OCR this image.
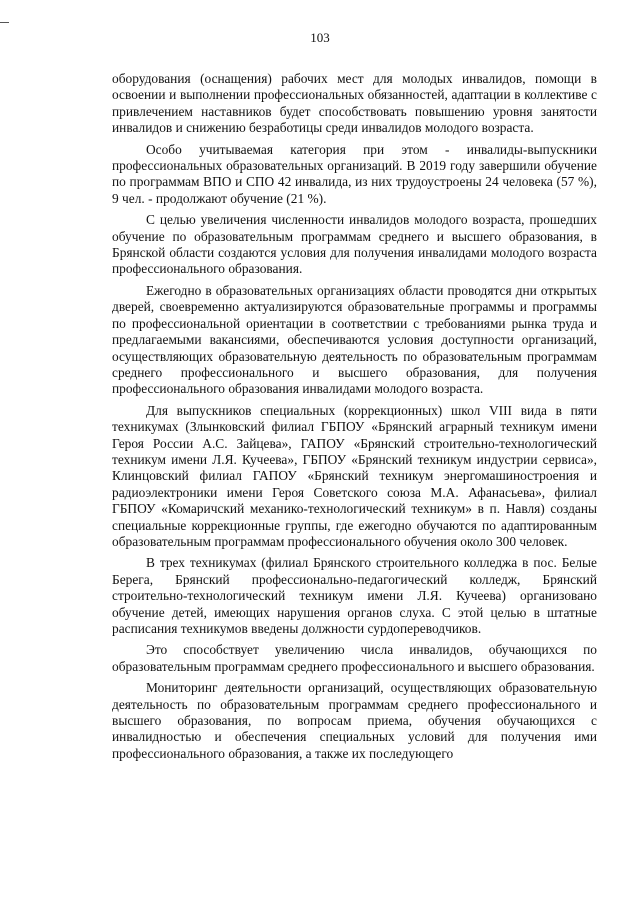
103

оборудования (оснащения) рабочих мест для молодых инвалидов, помощи в освоении и выполнении профессиональных обязанностей, адаптации в коллективе с привлечением наставников будет способствовать повышению уровня занятости инвалидов и снижению безработицы среди инвалидов молодого возраста.

Особо учитываемая категория при этом - инвалиды-выпускники профессиональных образовательных организаций. В 2019 году завершили обучение по программам ВПО и СПО 42 инвалида, из них трудоустроены 24 человека (57 %), 9 чел. - продолжают обучение (21 %).

С целью увеличения численности инвалидов молодого возраста, прошедших обучение по образовательным программам среднего и высшего образования, в Брянской области создаются условия для получения инвалидами молодого возраста профессионального образования.

Ежегодно в образовательных организациях области проводятся дни открытых дверей, своевременно актуализируются образовательные программы и программы по профессиональной ориентации в соответствии с требованиями рынка труда и предлагаемыми вакансиями, обеспечиваются условия доступности организаций, осуществляющих образовательную деятельность по образовательным программам среднего профессионального и высшего образования, для получения профессионального образования инвалидами молодого возраста.

Для выпускников специальных (коррекционных) школ VIII вида в пяти техникумах (Злынковский филиал ГБПОУ «Брянский аграрный техникум имени Героя России А.С. Зайцева», ГАПОУ «Брянский строительно-технологический техникум имени Л.Я. Кучеева», ГБПОУ «Брянский техникум индустрии сервиса», Клинцовский филиал ГАПОУ «Брянский техникум энергомашиностроения и радиоэлектроники имени Героя Советского союза М.А. Афанасьева», филиал ГБПОУ «Комаричский механико-технологический техникум» в п. Навля) созданы специальные коррекционные группы, где ежегодно обучаются по адаптированным образовательным программам профессионального обучения около 300 человек.

В трех техникумах (филиал Брянского строительного колледжа в пос. Белые Берега, Брянский профессионально-педагогический колледж, Брянский строительно-технологический техникум имени Л.Я. Кучеева) организовано обучение детей, имеющих нарушения органов слуха. С этой целью в штатные расписания техникумов введены должности сурдопереводчиков.

Это способствует увеличению числа инвалидов, обучающихся по образовательным программам среднего профессионального и высшего образования.

Мониторинг деятельности организаций, осуществляющих образовательную деятельность по образовательным программам среднего профессионального и высшего образования, по вопросам приема, обучения обучающихся с инвалидностью и обеспечения специальных условий для получения ими профессионального образования, а также их последующего
